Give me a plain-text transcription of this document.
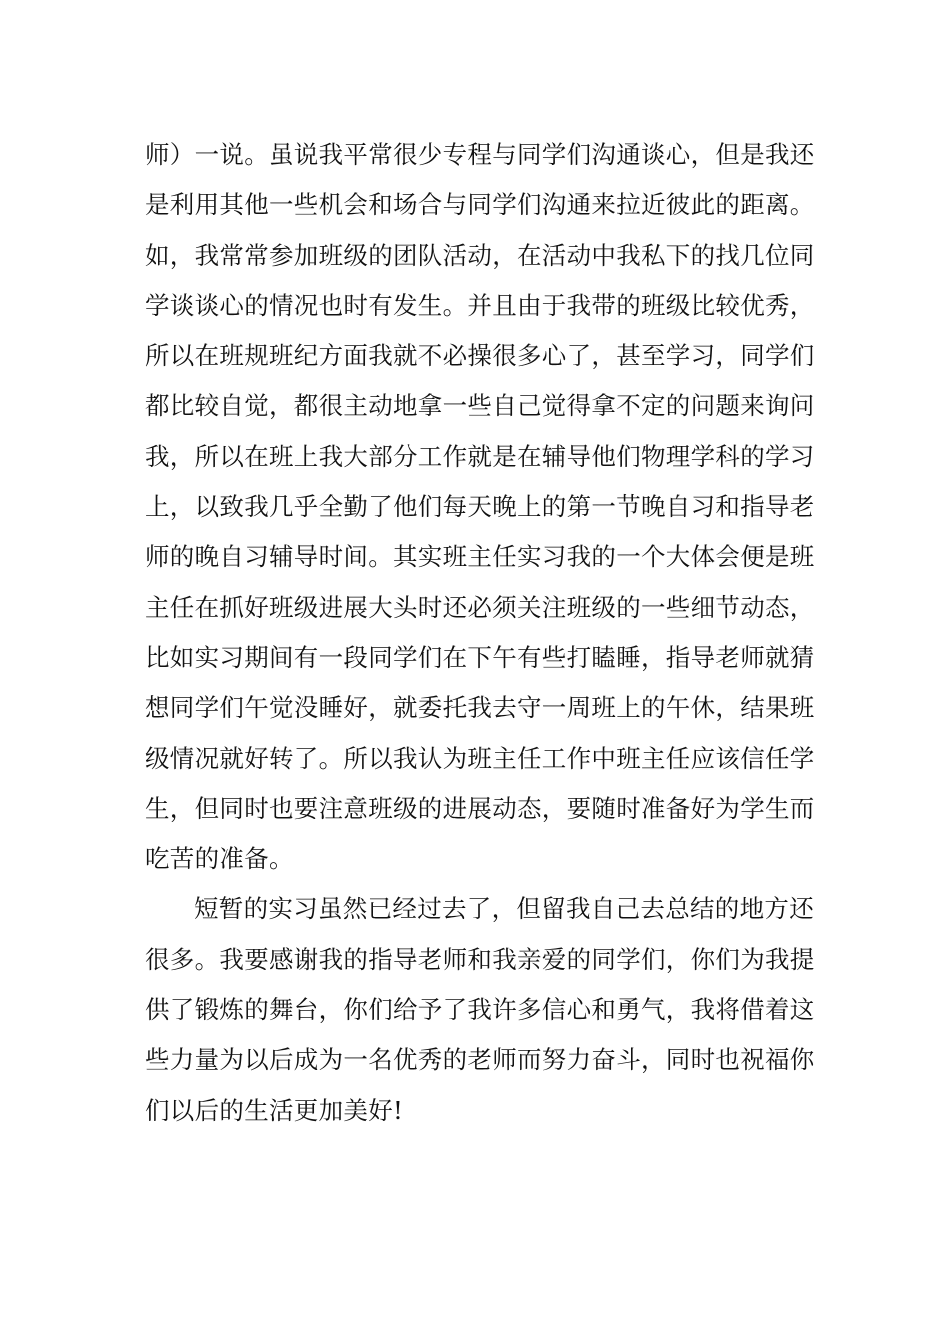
师）一说。虽说我平常很少专程与同学们沟通谈心，但是我还
是利用其他一些机会和场合与同学们沟通来拉近彼此的距离。
如，我常常参加班级的团队活动，在活动中我私下的找几位同
学谈谈心的情况也时有发生。并且由于我带的班级比较优秀，
所以在班规班纪方面我就不必操很多心了，甚至学习，同学们
都比较自觉，都很主动地拿一些自己觉得拿不定的问题来询问
我，所以在班上我大部分工作就是在辅导他们物理学科的学习
上，以致我几乎全勤了他们每天晚上的第一节晚自习和指导老
师的晚自习辅导时间。其实班主任实习我的一个大体会便是班
主任在抓好班级进展大头时还必须关注班级的一些细节动态，
比如实习期间有一段同学们在下午有些打瞌睡，指导老师就猜
想同学们午觉没睡好，就委托我去守一周班上的午休，结果班
级情况就好转了。所以我认为班主任工作中班主任应该信任学
生，但同时也要注意班级的进展动态，要随时准备好为学生而
吃苦的准备。
短暂的实习虽然已经过去了，但留我自己去总结的地方还
很多。我要感谢我的指导老师和我亲爱的同学们，你们为我提
供了锻炼的舞台，你们给予了我许多信心和勇气，我将借着这
些力量为以后成为一名优秀的老师而努力奋斗，同时也祝福你
们以后的生活更加美好!
